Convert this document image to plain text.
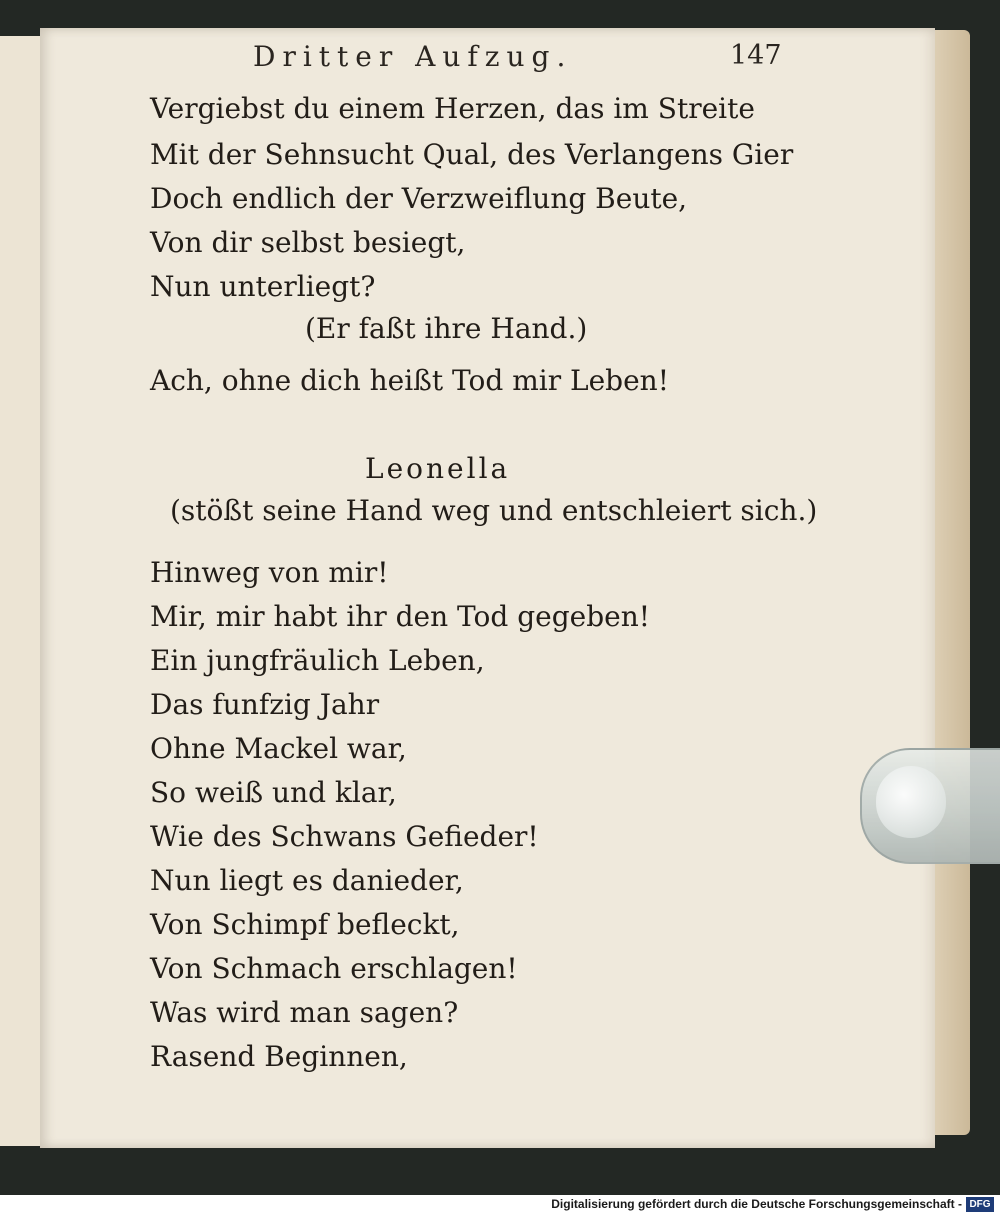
Dritter Aufzug.	147
Vergiebst du einem Herzen, das im Streite
Mit der Sehnsucht Qual, des Verlangens Gier
Doch endlich der Verzweiflung Beute,
Von dir selbst besiegt,
Nun unterliegt?
(Er faßt ihre Hand.)
Ach, ohne dich heißt Tod mir Leben!
Leonella
(stößt seine Hand weg und entschleiert sich.)
Hinweg von mir!
Mir, mir habt ihr den Tod gegeben!
Ein jungfräulich Leben,
Das funfzig Jahr
Ohne Mackel war,
So weiß und klar,
Wie des Schwans Gefieder!
Nun liegt es danieder,
Von Schimpf befleckt,
Von Schmach erschlagen!
Was wird man sagen?
Rasend Beginnen,
Digitalisierung gefördert durch die Deutsche Forschungsgemeinschaft - DFG
